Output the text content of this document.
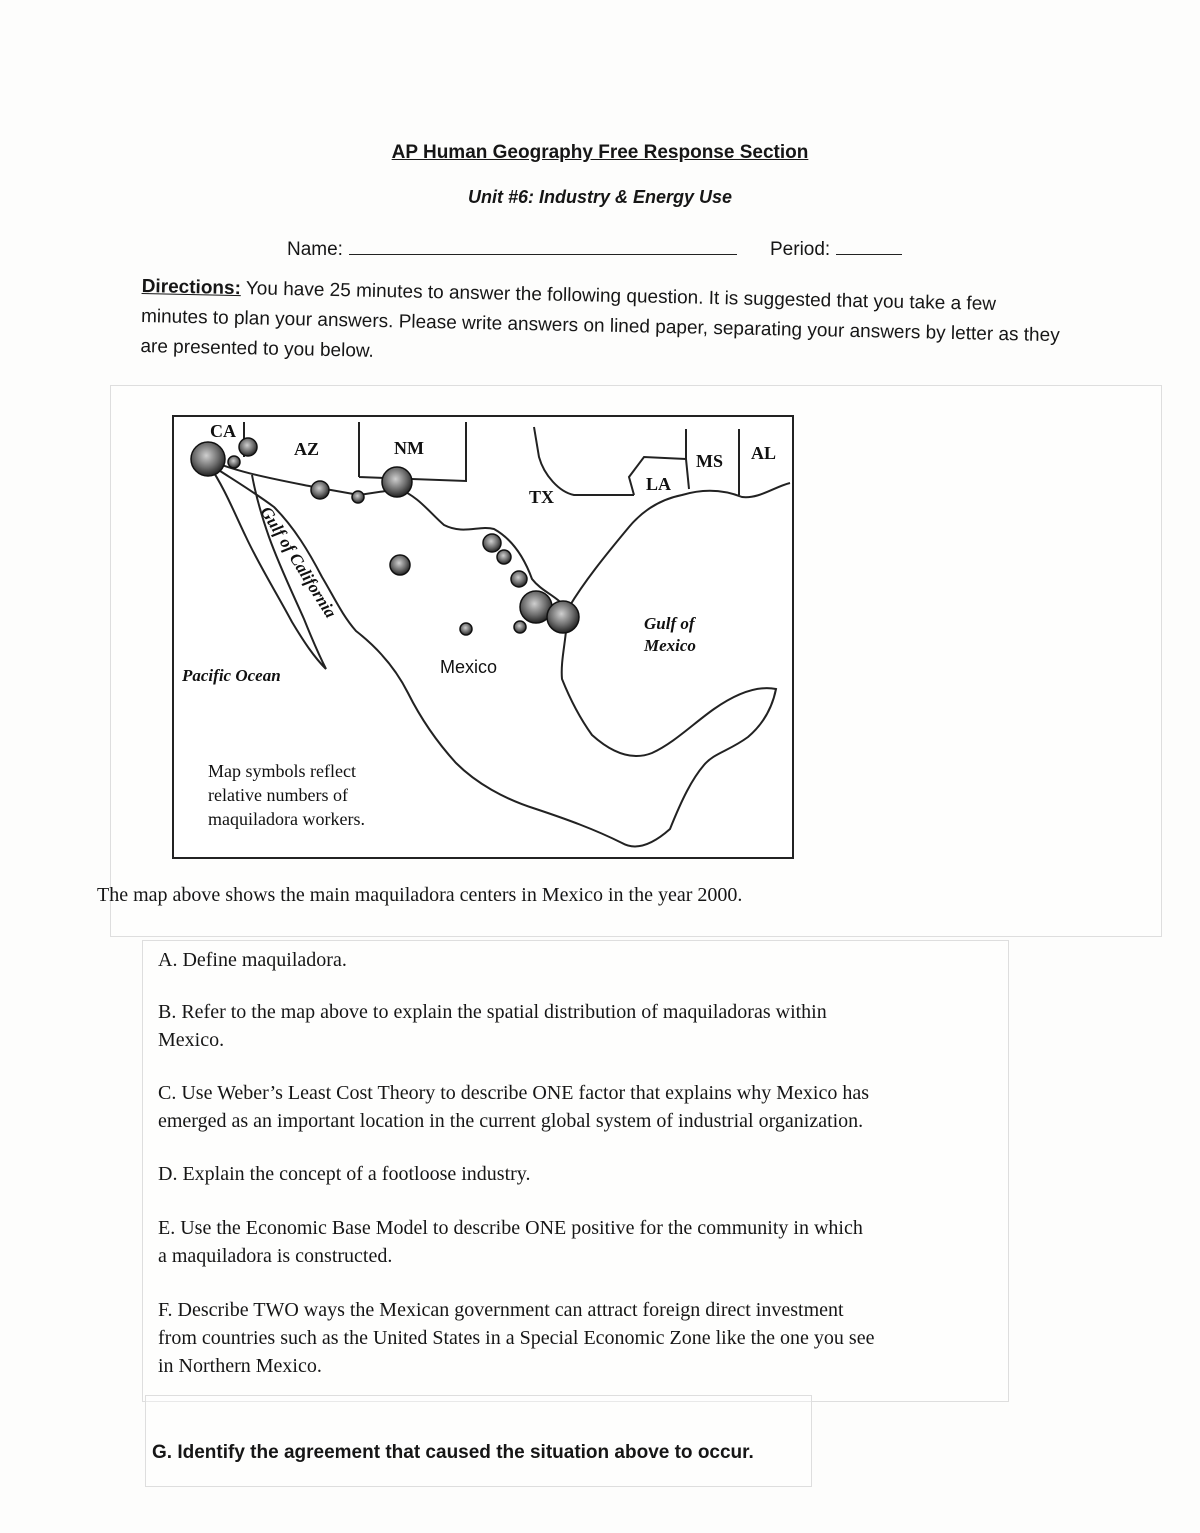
AP Human Geography Free Response Section
Unit #6: Industry & Energy Use
Name:	Period:
Directions: You have 25 minutes to answer the following question. It is suggested that you take a few minutes to plan your answers. Please write answers on lined paper, separating your answers by letter as they are presented to you below.
CA
AZ	NM
TX
LA
MS AL
Gulf of California
Gulf of
Mexico
Pacific Ocean	Mexico
Map symbols reflect
relative numbers of
maquiladora workers.
The map above shows the main maquiladora centers in Mexico in the year 2000.
A. Define maquiladora.
B. Refer to the map above to explain the spatial distribution of maquiladoras within
Mexico.
C. Use Weber’s Least Cost Theory to describe ONE factor that explains why Mexico has
emerged as an important location in the current global system of industrial organization.
D. Explain the concept of a footloose industry.
E. Use the Economic Base Model to describe ONE positive for the community in which
a maquiladora is constructed.
F. Describe TWO ways the Mexican government can attract foreign direct investment
from countries such as the United States in a Special Economic Zone like the one you see
in Northern Mexico.
G. Identify the agreement that caused the situation above to occur.
